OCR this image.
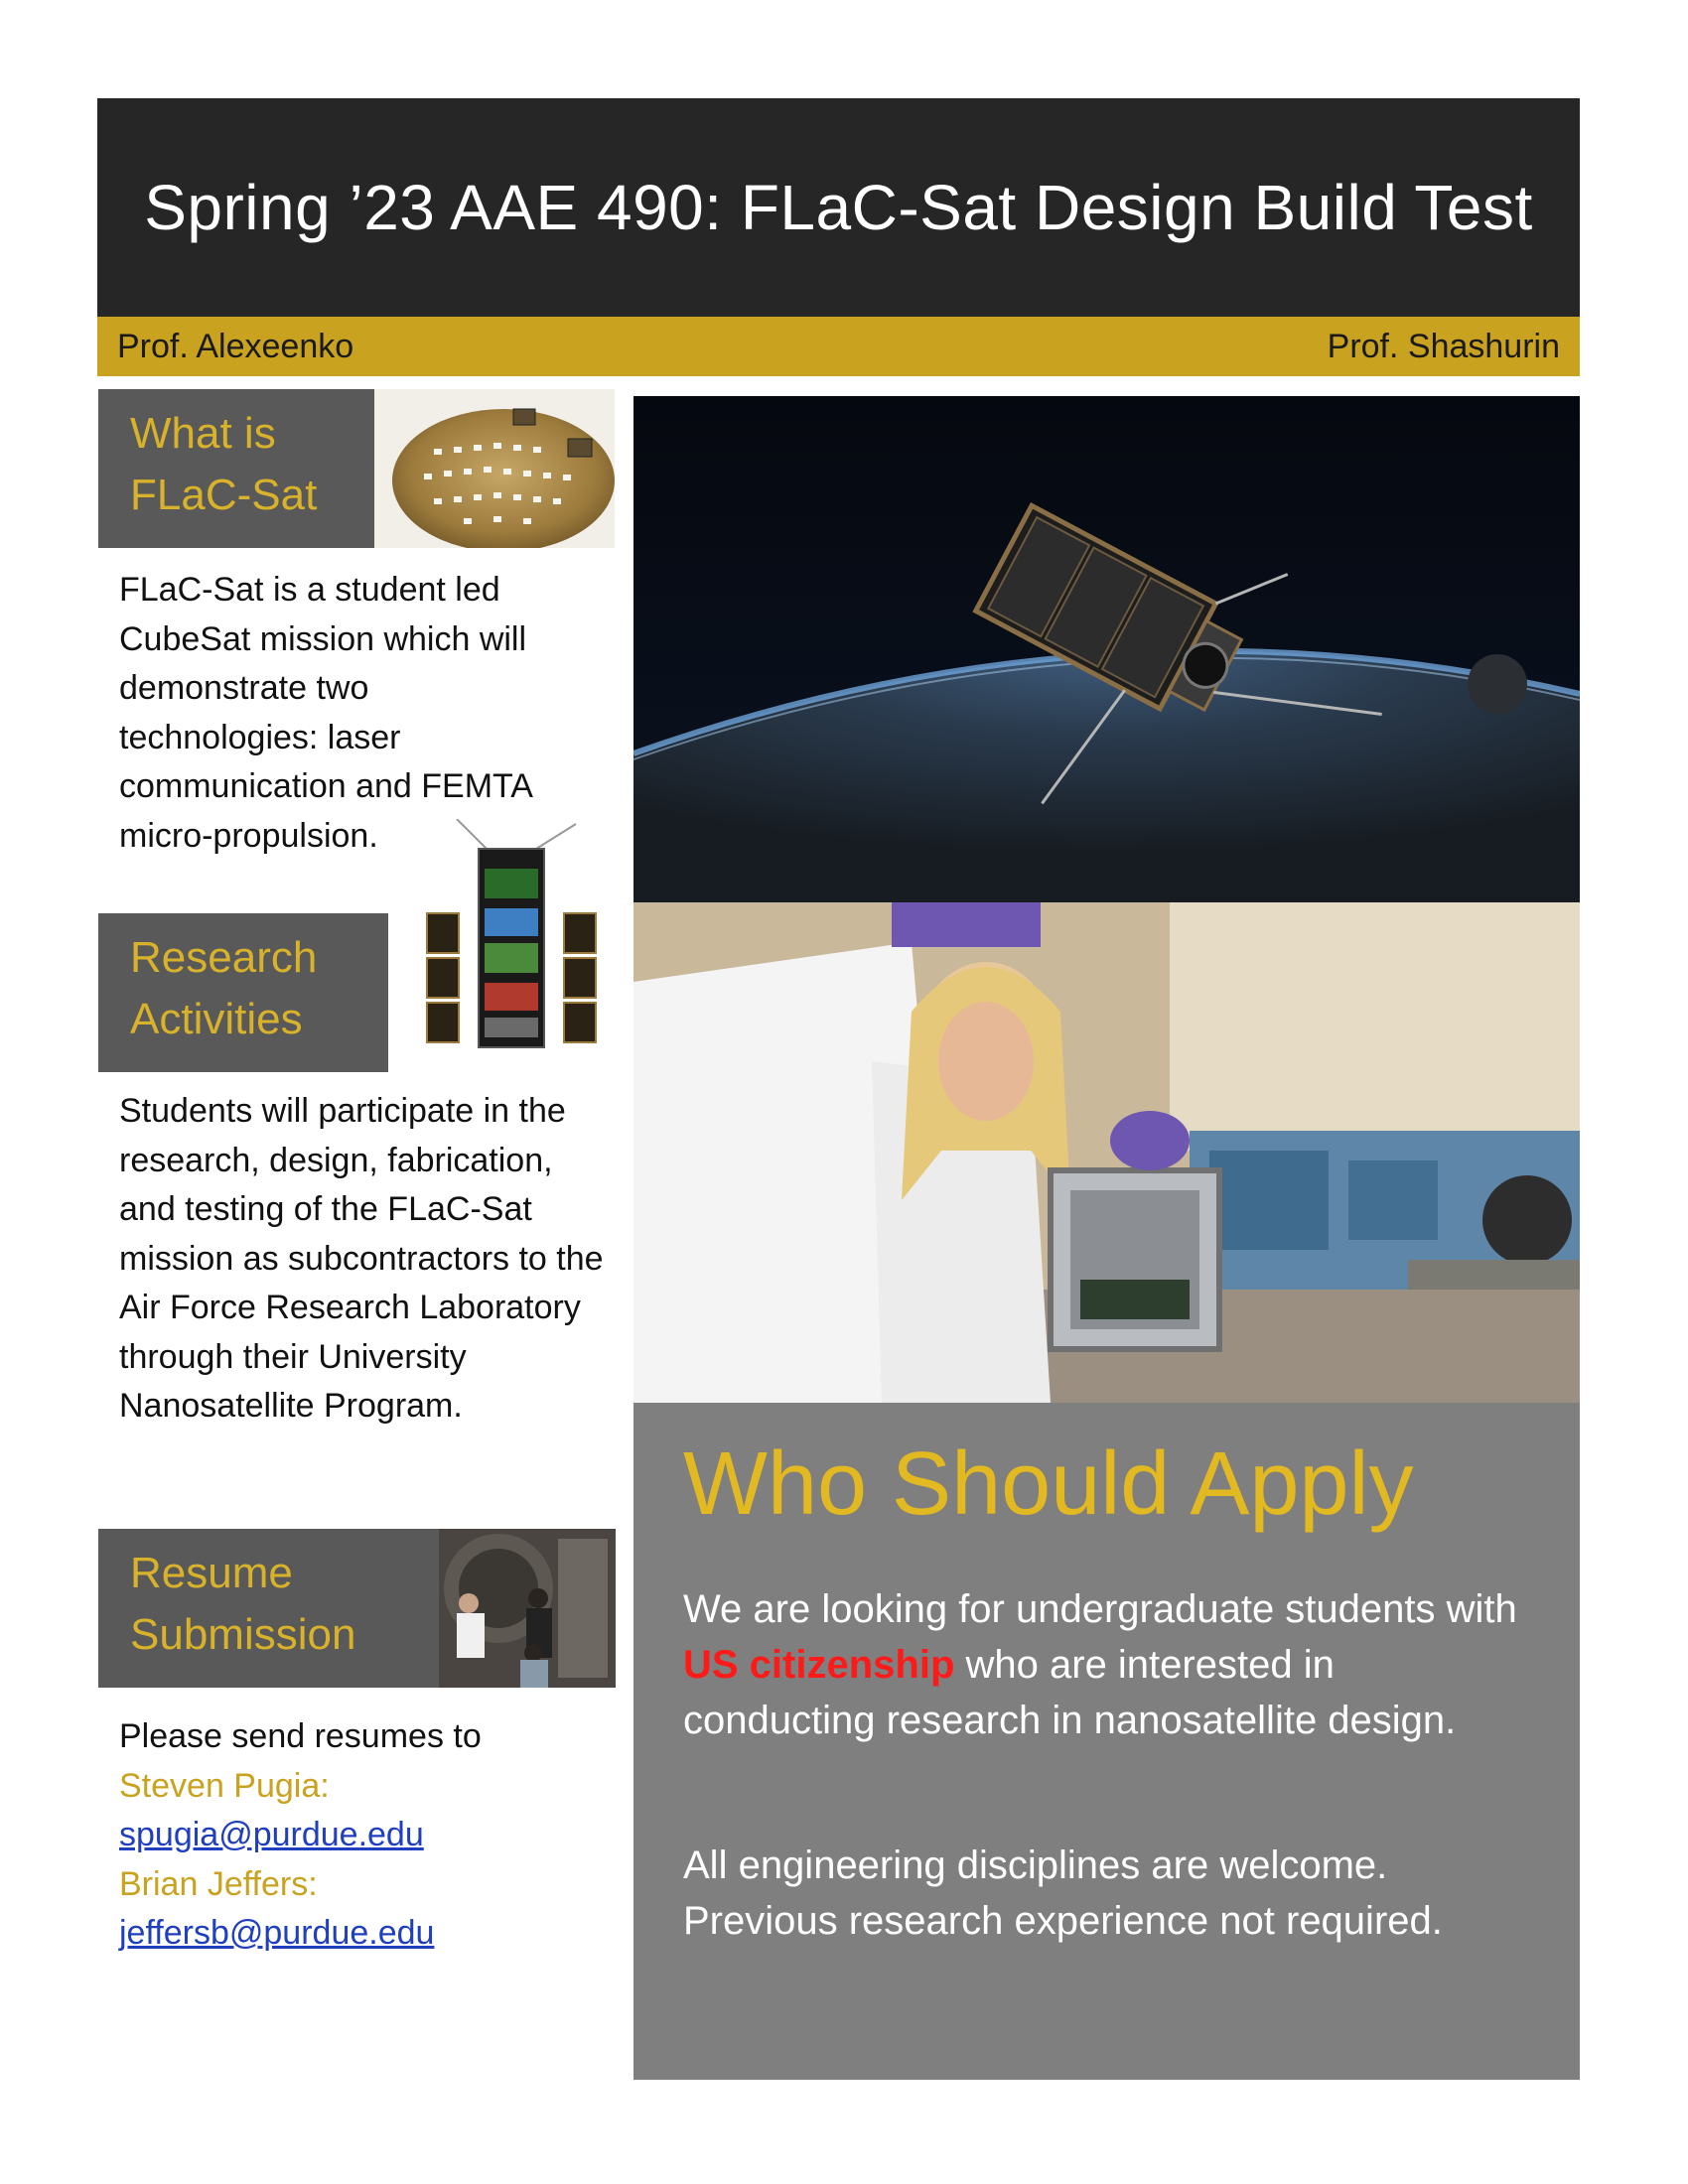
Spring ’23 AAE 490: FLaC-Sat Design Build Test
Prof. Alexeenko	Prof. Shashurin
What is
FLaC-Sat

FLaC-Sat is a student led CubeSat mission which will demonstrate two technologies: laser communication and FEMTA micro-propulsion.

Research
Activities

Students will participate in the research, design, fabrication, and testing of the FLaC-Sat mission as subcontractors to the Air Force Research Laboratory through their University Nanosatellite Program.

Resume
Submission

Please send resumes to

Steven Pugia:

spugia@purdue.edu

Brian Jeffers:

jeffersb@purdue.edu

Who Should Apply

We are looking for undergraduate students with US citizenship who are interested in conducting research in nanosatellite design.

All engineering disciplines are welcome.

Previous research experience not required.
